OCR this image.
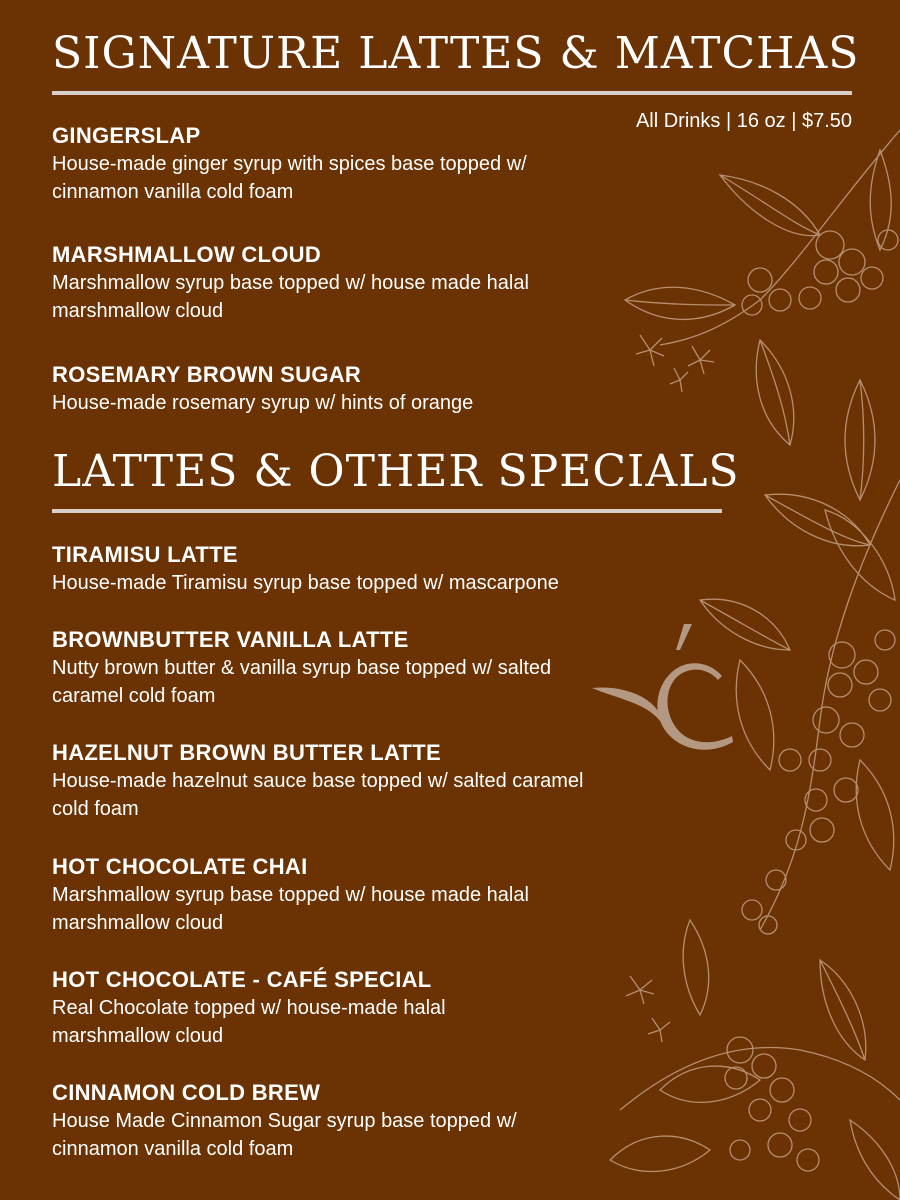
SIGNATURE LATTES & MATCHAS
All Drinks | 16 oz | $7.50

GINGERSLAP

House-made ginger syrup with spices base topped w/ cinnamon vanilla cold foam

MARSHMALLOW CLOUD

Marshmallow syrup base topped w/ house made halal marshmallow cloud

ROSEMARY BROWN SUGAR

House-made rosemary syrup w/ hints of orange

LATTES & OTHER SPECIALS

TIRAMISU LATTE

House-made Tiramisu syrup base topped w/ mascarpone

BROWNBUTTER VANILLA LATTE

Nutty brown butter & vanilla syrup base topped w/ salted caramel cold foam

HAZELNUT BROWN BUTTER LATTE

House-made hazelnut sauce base topped w/ salted caramel cold foam

HOT CHOCOLATE CHAI

Marshmallow syrup base topped w/ house made halal marshmallow cloud

HOT CHOCOLATE - CAFÉ SPECIAL

Real Chocolate topped w/ house-made halal marshmallow cloud

CINNAMON COLD BREW

House Made Cinnamon Sugar syrup base topped w/ cinnamon vanilla cold foam
